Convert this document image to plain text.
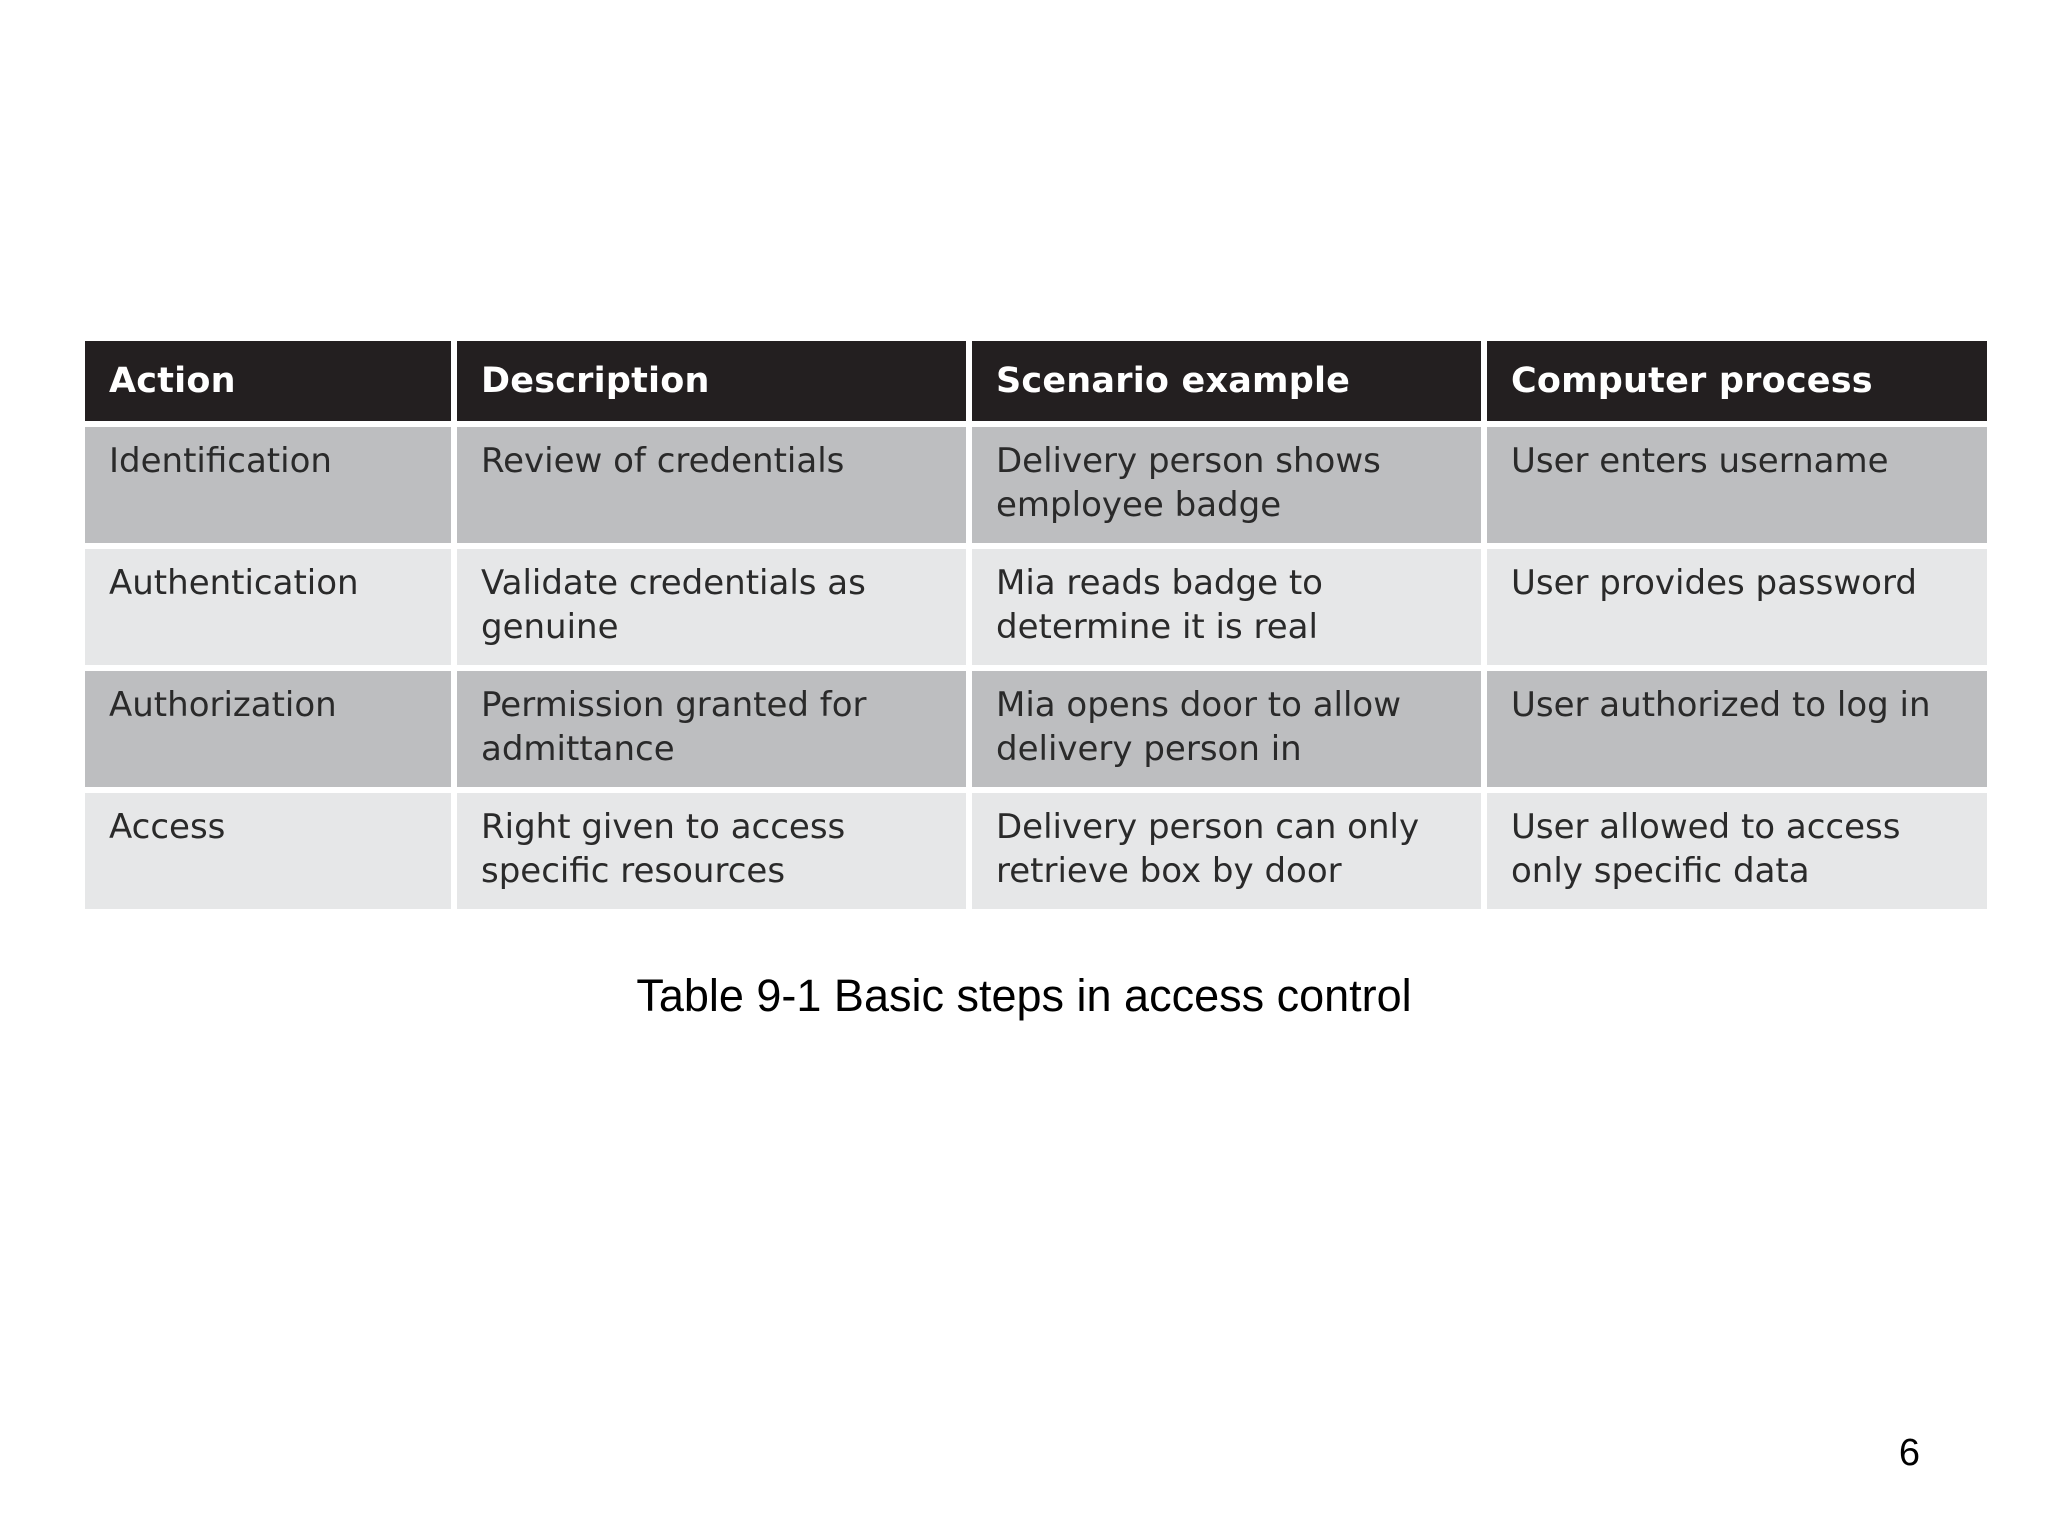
Action	Description	Scenario example	Computer process
Identification	Review of credentials	Delivery person shows employee badge	User enters username
Authentication	Validate credentials as genuine	Mia reads badge to determine it is real	User provides password
Authorization	Permission granted for admittance	Mia opens door to allow delivery person in	User authorized to log in
Access	Right given to access specific resources	Delivery person can only retrieve box by door	User allowed to access only specific data
Table 9-1 Basic steps in access control
6
